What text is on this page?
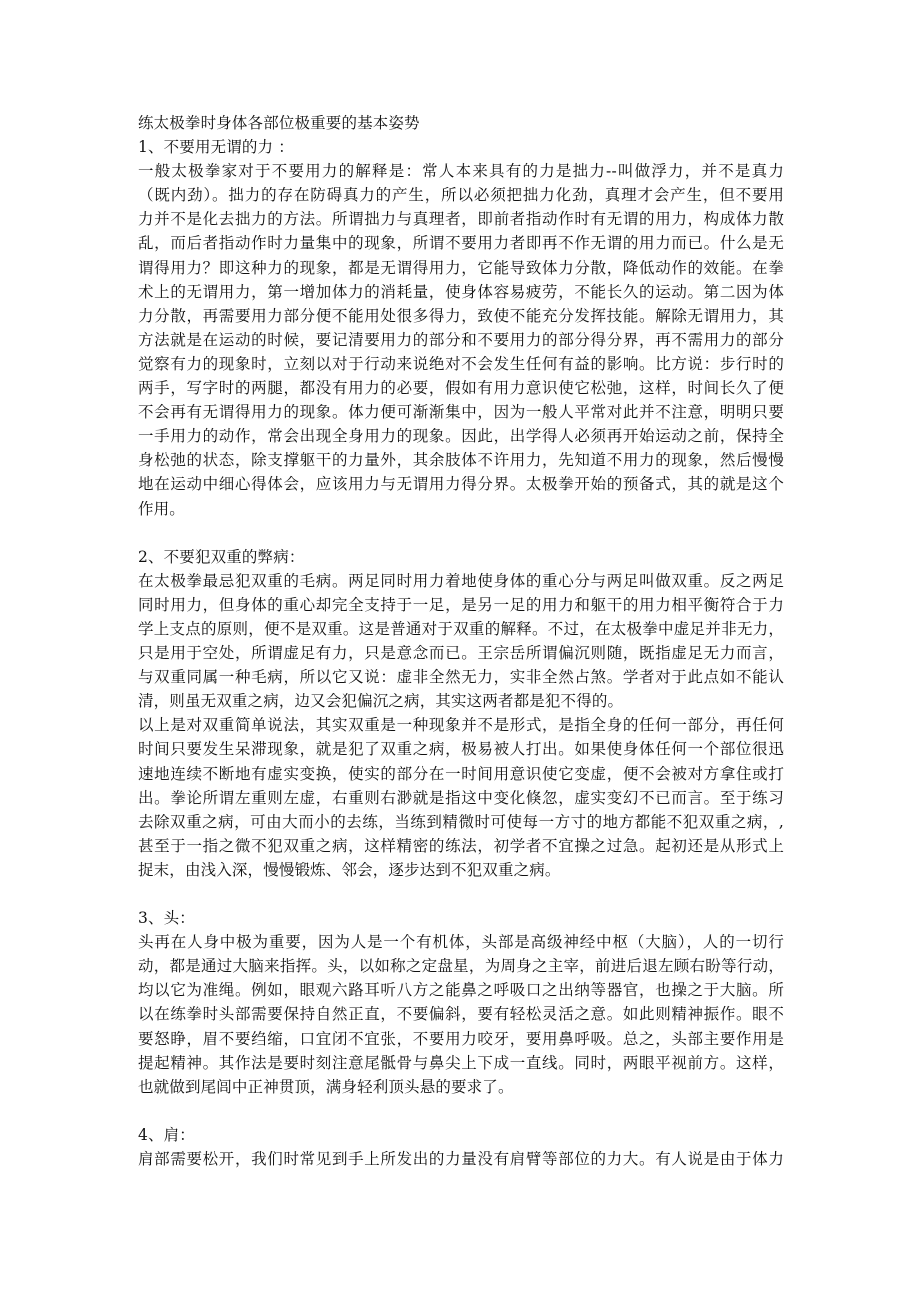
练太极拳时身体各部位极重要的基本姿势
1、不要用无谓的力 ：
一般太极拳家对于不要用力的解释是：常人本来具有的力是拙力--叫做浮力，并不是真力
（既内劲）。拙力的存在防碍真力的产生，所以必须把拙力化劲，真理才会产生，但不要用
力并不是化去拙力的方法。所谓拙力与真理者，即前者指动作时有无谓的用力，构成体力散
乱，而后者指动作时力量集中的现象，所谓不要用力者即再不作无谓的用力而已。什么是无
谓得用力？即这种力的现象，都是无谓得用力，它能导致体力分散，降低动作的效能。在拳
术上的无谓用力，第一增加体力的消耗量，使身体容易疲劳，不能长久的运动。第二因为体
力分散，再需要用力部分便不能用处很多得力，致使不能充分发挥技能。解除无谓用力，其
方法就是在运动的时候，要记清要用力的部分和不要用力的部分得分界，再不需用力的部分
觉察有力的现象时，立刻以对于行动来说绝对不会发生任何有益的影响。比方说：步行时的
两手，写字时的两腿，都没有用力的必要，假如有用力意识使它松弛，这样，时间长久了便
不会再有无谓得用力的现象。体力便可渐渐集中，因为一般人平常对此并不注意，明明只要
一手用力的动作，常会出现全身用力的现象。因此，出学得人必须再开始运动之前，保持全
身松弛的状态，除支撑躯干的力量外，其余肢体不许用力，先知道不用力的现象，然后慢慢
地在运动中细心得体会，应该用力与无谓用力得分界。太极拳开始的预备式，其的就是这个
作用。
2、不要犯双重的弊病：
在太极拳最忌犯双重的毛病。两足同时用力着地使身体的重心分与两足叫做双重。反之两足
同时用力，但身体的重心却完全支持于一足，是另一足的用力和躯干的用力相平衡符合于力
学上支点的原则，便不是双重。这是普通对于双重的解释。不过，在太极拳中虚足并非无力，
只是用于空处，所谓虚足有力，只是意念而已。王宗岳所谓偏沉则随，既指虚足无力而言，
与双重同属一种毛病，所以它又说：虚非全然无力，实非全然占煞。学者对于此点如不能认
清，则虽无双重之病，边又会犯偏沉之病，其实这两者都是犯不得的。
以上是对双重简单说法，其实双重是一种现象并不是形式，是指全身的任何一部分，再任何
时间只要发生呆滞现象，就是犯了双重之病，极易被人打出。如果使身体任何一个部位很迅
速地连续不断地有虚实变换，使实的部分在一时间用意识使它变虚，便不会被对方拿住或打
出。拳论所谓左重则左虚，右重则右渺就是指这中变化倏忽，虚实变幻不已而言。至于练习
去除双重之病，可由大而小的去练，当练到精微时可使每一方寸的地方都能不犯双重之病，,
甚至于一指之微不犯双重之病，这样精密的练法，初学者不宜操之过急。起初还是从形式上
捉末，由浅入深，慢慢锻炼、邻会，逐步达到不犯双重之病。
3、头：
头再在人身中极为重要，因为人是一个有机体，头部是高级神经中枢（大脑），人的一切行
动，都是通过大脑来指挥。头，以如称之定盘星，为周身之主宰，前进后退左顾右盼等行动，
均以它为准绳。例如，眼观六路耳听八方之能鼻之呼吸口之出纳等器官，也操之于大脑。所
以在练拳时头部需要保持自然正直，不要偏斜，要有轻松灵活之意。如此则精神振作。眼不
要怒睁，眉不要绉缩，口宜闭不宜张，不要用力咬牙，要用鼻呼吸。总之，头部主要作用是
提起精神。其作法是要时刻注意尾骶骨与鼻尖上下成一直线。同时，两眼平视前方。这样，
也就做到尾闾中正神贯顶，满身轻利顶头悬的要求了。
4、肩：
肩部需要松开，我们时常见到手上所发出的力量没有肩臂等部位的力大。有人说是由于体力
